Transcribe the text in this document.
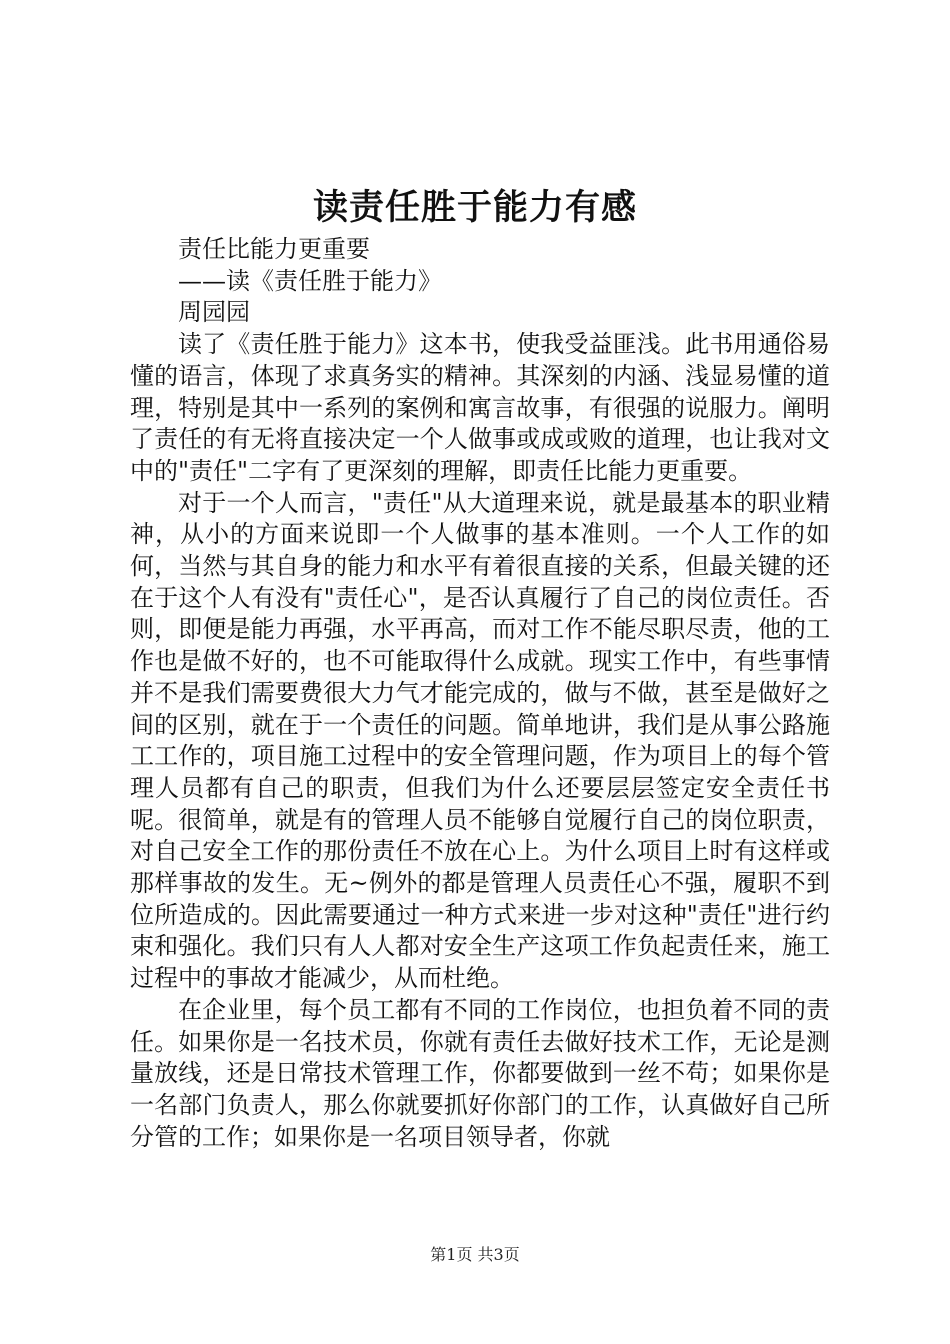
读责任胜于能力有感

责任比能力更重要

——读《责任胜于能力》

周园园

读了《责任胜于能力》这本书，使我受益匪浅。此书用通俗易懂的语言，体现了求真务实的精神。其深刻的内涵、浅显易懂的道理，特别是其中一系列的案例和寓言故事，有很强的说服力。阐明了责任的有无将直接决定一个人做事或成或败的道理，也让我对文中的"责任"二字有了更深刻的理解，即责任比能力更重要。

对于一个人而言，"责任"从大道理来说，就是最基本的职业精神，从小的方面来说即一个人做事的基本准则。一个人工作的如何，当然与其自身的能力和水平有着很直接的关系，但最关键的还在于这个人有没有"责任心"，是否认真履行了自己的岗位责任。否则，即便是能力再强，水平再高，而对工作不能尽职尽责，他的工作也是做不好的，也不可能取得什么成就。现实工作中，有些事情并不是我们需要费很大力气才能完成的，做与不做，甚至是做好之间的区别，就在于一个责任的问题。简单地讲，我们是从事公路施工工作的，项目施工过程中的安全管理问题，作为项目上的每个管理人员都有自己的职责，但我们为什么还要层层签定安全责任书呢。很简单，就是有的管理人员不能够自觉履行自己的岗位职责，对自己安全工作的那份责任不放在心上。为什么项目上时有这样或那样事故的发生。无~例外的都是管理人员责任心不强，履职不到位所造成的。因此需要通过一种方式来进一步对这种"责任"进行约束和强化。我们只有人人都对安全生产这项工作负起责任来，施工过程中的事故才能减少，从而杜绝。

在企业里，每个员工都有不同的工作岗位，也担负着不同的责任。如果你是一名技术员，你就有责任去做好技术工作，无论是测量放线，还是日常技术管理工作，你都要做到一丝不苟；如果你是一名部门负责人，那么你就要抓好你部门的工作，认真做好自己所分管的工作；如果你是一名项目领导者，你就

第1页 共3页
